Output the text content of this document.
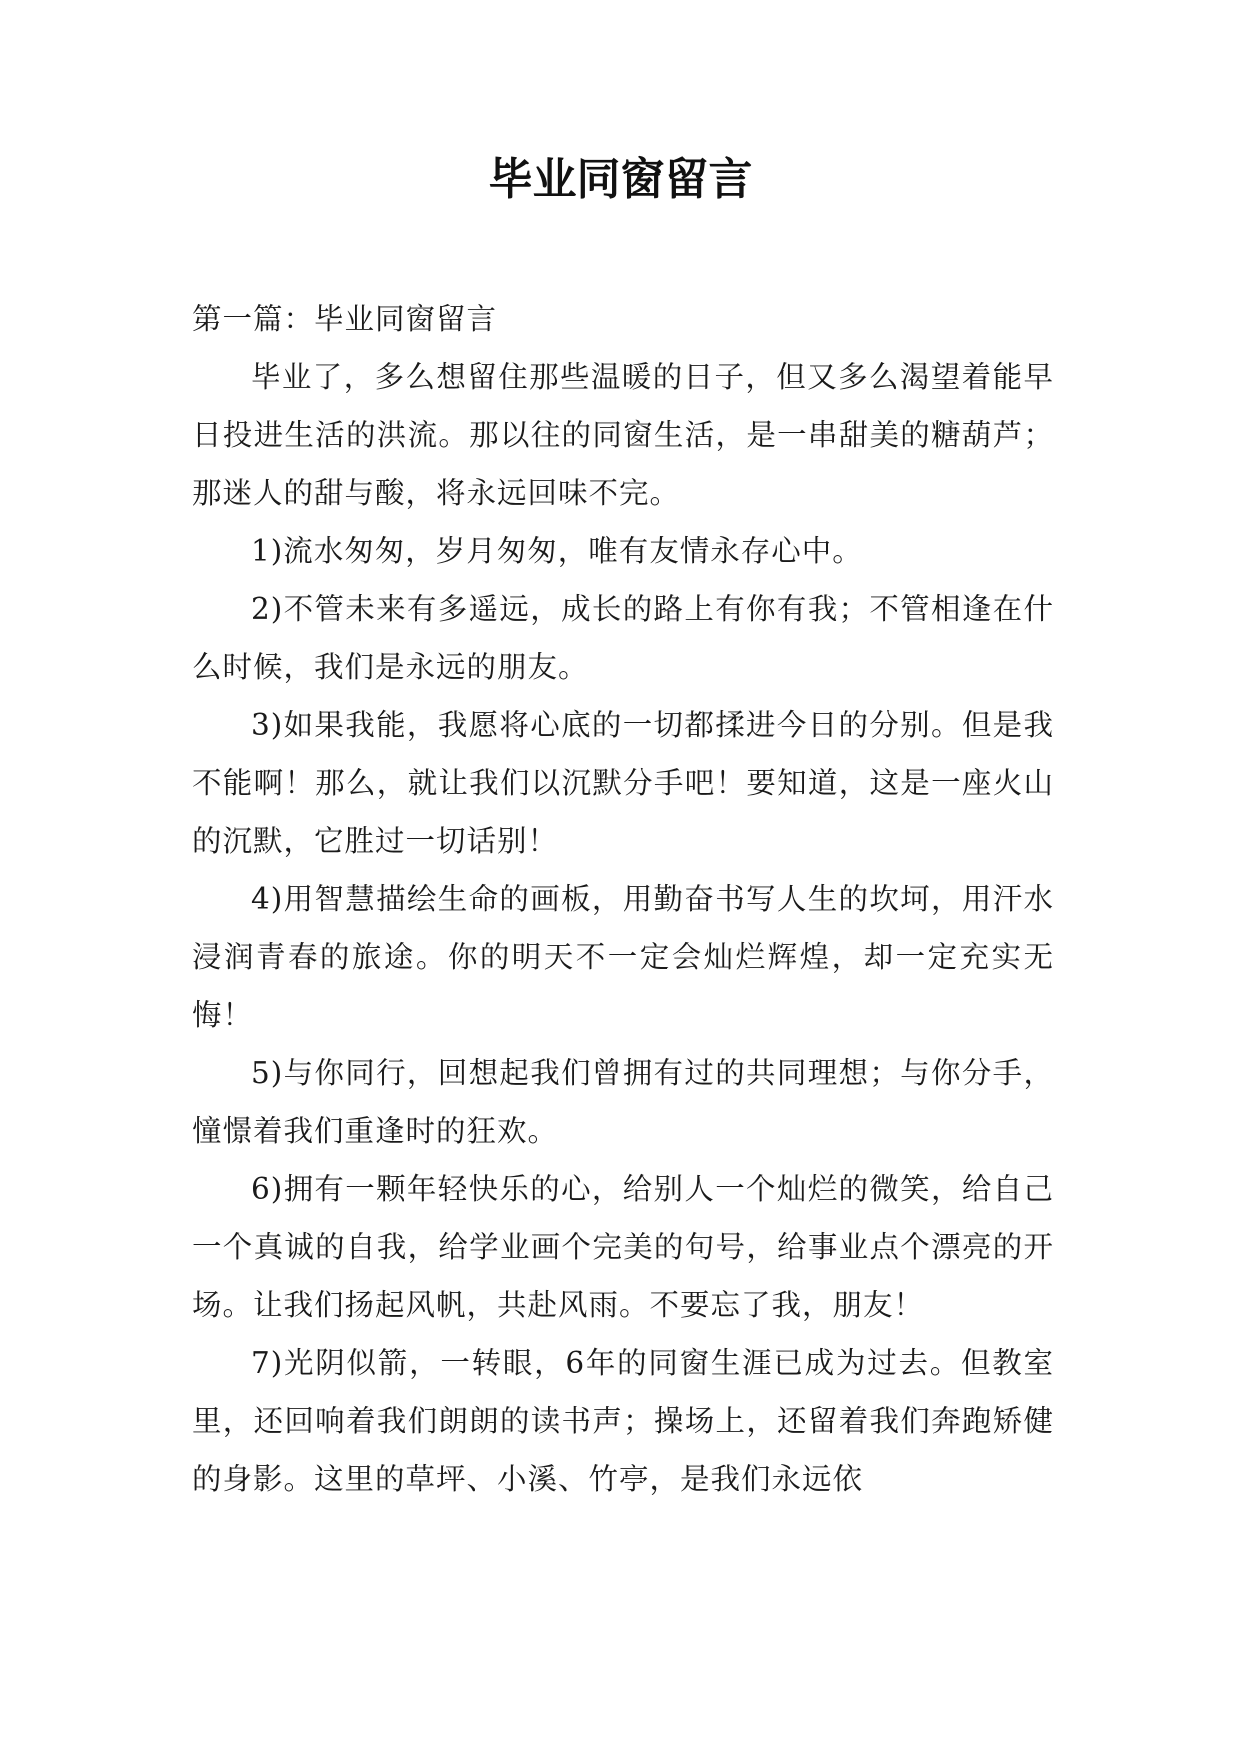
毕业同窗留言

第一篇：毕业同窗留言

毕业了，多么想留住那些温暖的日子，但又多么渴望着能早日投进生活的洪流。那以往的同窗生活，是一串甜美的糖葫芦；那迷人的甜与酸，将永远回味不完。

1)流水匆匆，岁月匆匆，唯有友情永存心中。

2)不管未来有多遥远，成长的路上有你有我；不管相逢在什么时候，我们是永远的朋友。

3)如果我能，我愿将心底的一切都揉进今日的分别。但是我不能啊！那么，就让我们以沉默分手吧！要知道，这是一座火山的沉默，它胜过一切话别！

4)用智慧描绘生命的画板，用勤奋书写人生的坎坷，用汗水浸润青春的旅途。你的明天不一定会灿烂辉煌，却一定充实无悔！

5)与你同行，回想起我们曾拥有过的共同理想；与你分手，憧憬着我们重逢时的狂欢。

6)拥有一颗年轻快乐的心，给别人一个灿烂的微笑，给自己一个真诚的自我，给学业画个完美的句号，给事业点个漂亮的开场。让我们扬起风帆，共赴风雨。不要忘了我，朋友！

7)光阴似箭，一转眼，6年的同窗生涯已成为过去。但教室里，还回响着我们朗朗的读书声；操场上，还留着我们奔跑矫健的身影。这里的草坪、小溪、竹亭，是我们永远依
